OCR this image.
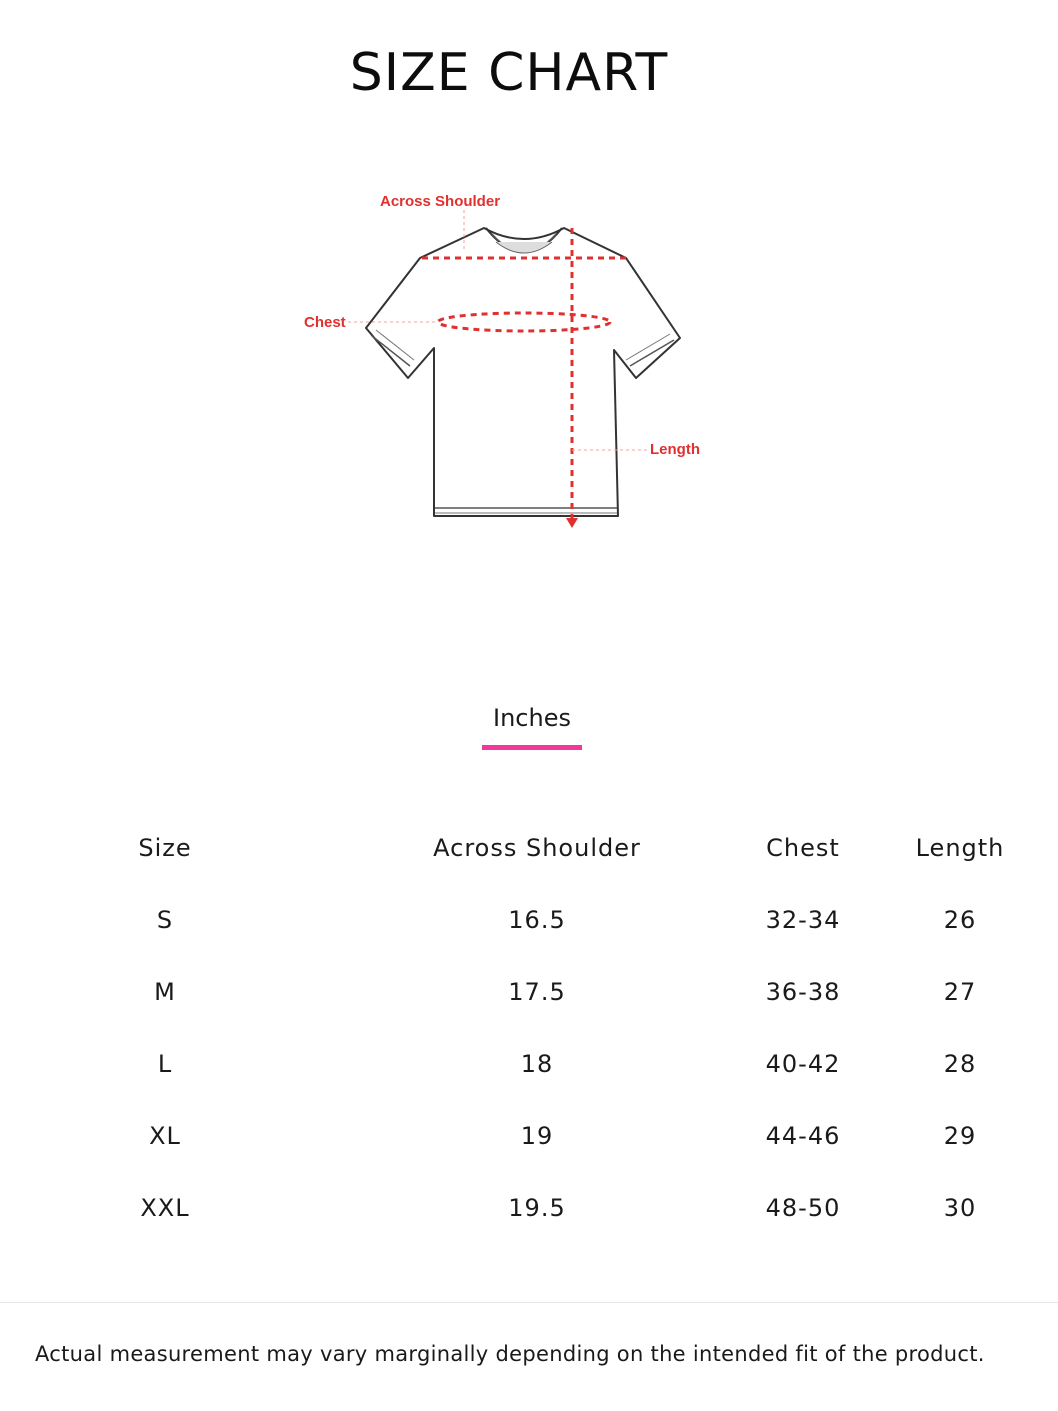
SIZE CHART
Across Shoulder
Chest
Length
Inches
Size	Across Shoulder	Chest	Length
S	16.5	32-34	26
M	17.5	36-38	27
L	18	40-42	28
XL	19	44-46	29
XXL	19.5	48-50	30
Actual measurement may vary marginally depending on the intended fit of the product.
